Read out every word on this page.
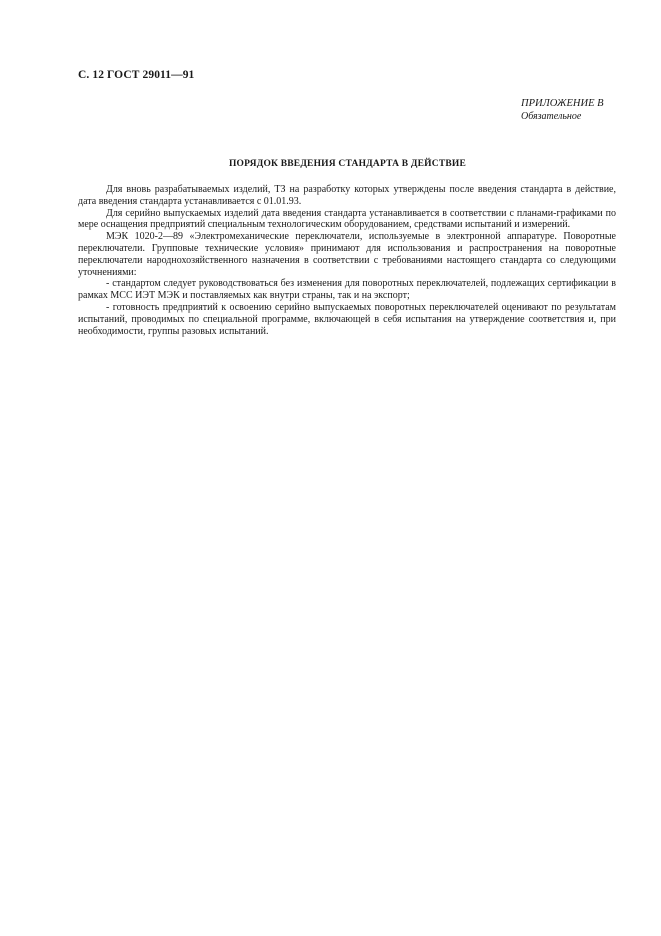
С. 12 ГОСТ 29011—91
ПРИЛОЖЕНИЕ В
Обязательное
ПОРЯДОК ВВЕДЕНИЯ СТАНДАРТА В ДЕЙСТВИЕ

Для вновь разрабатываемых изделий, ТЗ на разработку которых утверждены после введения стандарта в действие, дата введения стандарта устанавливается с 01.01.93.

Для серийно выпускаемых изделий дата введения стандарта устанавливается в соответствии с планами-графиками по мере оснащения предприятий специальным технологическим оборудованием, средствами испытаний и измерений.

МЭК 1020-2—89 «Электромеханические переключатели, используемые в электронной аппаратуре. Поворотные переключатели. Групповые технические условия» принимают для использования и распространения на поворотные переключатели народнохозяйственного назначения в соответствии с требованиями настоящего стандарта со следующими уточнениями:

- стандартом следует руководствоваться без изменения для поворотных переключателей, подлежащих сертификации в рамках МСС ИЭТ МЭК и поставляемых как внутри страны, так и на экспорт;

- готовность предприятий к освоению серийно выпускаемых поворотных переключателей оценивают по результатам испытаний, проводимых по специальной программе, включающей в себя испытания на утверждение соответствия и, при необходимости, группы разовых испытаний.
